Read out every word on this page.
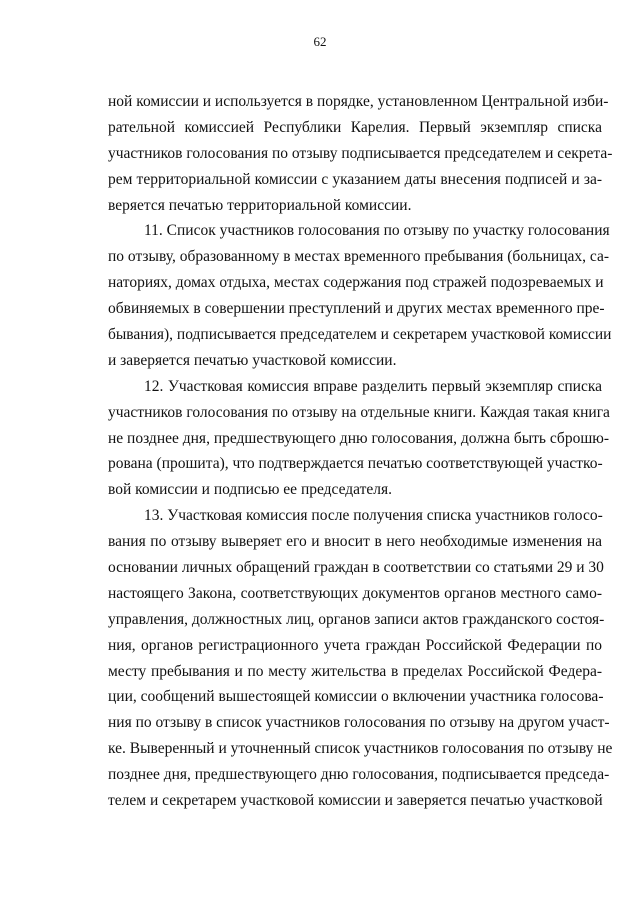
62
ной комиссии и используется в порядке, установленном Центральной изби-
рательной комиссией Республики Карелия. Первый экземпляр списка
участников голосования по отзыву подписывается председателем и секрета-
рем территориальной комиссии с указанием даты внесения подписей и за-
веряется печатью территориальной комиссии.
11. Список участников голосования по отзыву по участку голосования
по отзыву, образованному в местах временного пребывания (больницах, са-
наториях, домах отдыха, местах содержания под стражей подозреваемых и
обвиняемых в совершении преступлений и других местах временного пре-
бывания), подписывается председателем и секретарем участковой комиссии
и заверяется печатью участковой комиссии.
12. Участковая комиссия вправе разделить первый экземпляр списка
участников голосования по отзыву на отдельные книги. Каждая такая книга
не позднее дня, предшествующего дню голосования, должна быть сброшю-
рована (прошита), что подтверждается печатью соответствующей участко-
вой комиссии и подписью ее председателя.
13. Участковая комиссия после получения списка участников голосо-
вания по отзыву выверяет его и вносит в него необходимые изменения на
основании личных обращений граждан в соответствии со статьями 29 и 30
настоящего Закона, соответствующих документов органов местного само-
управления, должностных лиц, органов записи актов гражданского состоя-
ния, органов регистрационного учета граждан Российской Федерации по
месту пребывания и по месту жительства в пределах Российской Федера-
ции, сообщений вышестоящей комиссии о включении участника голосова-
ния по отзыву в список участников голосования по отзыву на другом участ-
ке. Выверенный и уточненный список участников голосования по отзыву не
позднее дня, предшествующего дню голосования, подписывается председа-
телем и секретарем участковой комиссии и заверяется печатью участковой
